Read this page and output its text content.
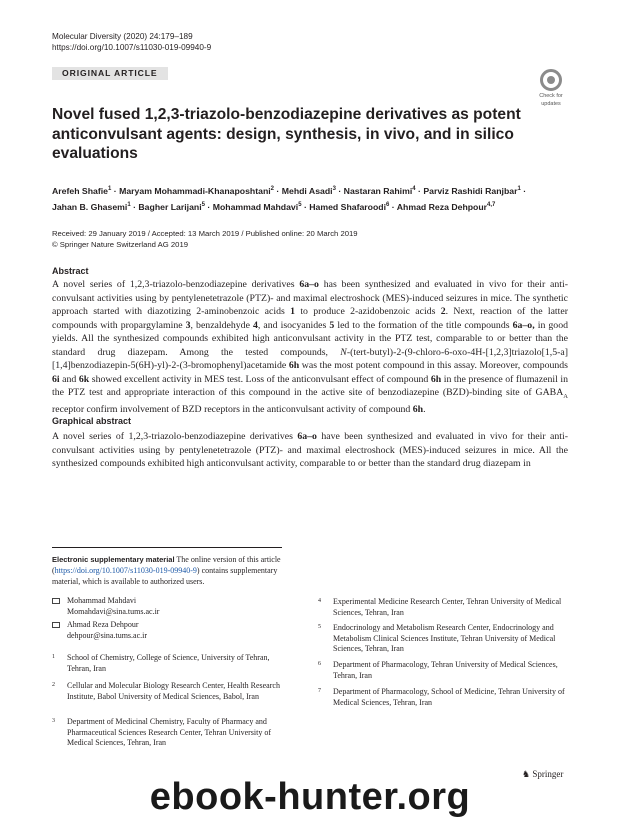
Molecular Diversity (2020) 24:179–189
https://doi.org/10.1007/s11030-019-09940-9
ORIGINAL ARTICLE
Check for
updates
Novel fused 1,2,3-triazolo-benzodiazepine derivatives as potent anticonvulsant agents: design, synthesis, in vivo, and in silico evaluations
Arefeh Shafie$^1$ · Maryam Mohammadi-Khanaposhtani$^2$ · Mehdi Asadi$^3$ · Nastaran Rahimi$^4$ · Parviz Rashidi Ranjbar$^1$ ·
Jahan B. Ghasemi$^1$ · Bagher Larijani$^5$ · Mohammad Mahdavi$^5$ · Hamed Shafaroodi$^6$ · Ahmad Reza Dehpour$^{4,7}$
Received: 29 January 2019 / Accepted: 13 March 2019 / Published online: 20 March 2019
© Springer Nature Switzerland AG 2019
Abstract

A novel series of 1,2,3-triazolo-benzodiazepine derivatives 6a–o has been synthesized and evaluated in vivo for their anti-convulsant activities using by pentylenetetrazole (PTZ)- and maximal electroshock (MES)-induced seizures in mice. The synthetic approach started with diazotizing 2-aminobenzoic acids 1 to produce 2-azidobenzoic acids 2. Next, reaction of the latter compounds with propargylamine 3, benzaldehyde 4, and isocyanides 5 led to the formation of the title compounds 6a–o, in good yields. All the synthesized compounds exhibited high anticonvulsant activity in the PTZ test, comparable to or better than the standard drug diazepam. Among the tested compounds, N-(tert-butyl)-2-(9-chloro-6-oxo-4H-[1,2,3]triazolo[1,5-a][1,4]benzodiazepin-5(6H)-yl)-2-(3-bromophenyl)acetamide 6h was the most potent compound in this assay. Moreover, compounds 6i and 6k showed excellent activity in MES test. Loss of the anticonvulsant effect of compound 6h in the presence of flumazenil in the PTZ test and appropriate interaction of this compound in the active site of benzodiazepine (BZD)-binding site of $GABA_A$ receptor confirm involvement of BZD receptors in the anticonvulsant activity of compound 6h.

Graphical abstract

A novel series of 1,2,3-triazolo-benzodiazepine derivatives 6a–o have been synthesized and evaluated in vivo for their anti-convulsant activities using by pentylenetetrazole (PTZ)- and maximal electroshock (MES)-induced seizures in mice. All the synthesized compounds exhibited high anticonvulsant activity, comparable to or better than the standard drug diazepam in

Electronic supplementary material The online version of this article (https://doi.org/10.1007/s11030-019-09940-9) contains supplementary material, which is available to authorized users.
Mohammad Mahdavi
Momahdavi@sina.tums.ac.ir
Ahmad Reza Dehpour
dehpour@sina.tums.ac.ir
1 School of Chemistry, College of Science, University of Tehran, Tehran, Iran
2 Cellular and Molecular Biology Research Center, Health Research Institute, Babol University of Medical Sciences, Babol, Iran
3 Department of Medicinal Chemistry, Faculty of Pharmacy and Pharmaceutical Sciences Research Center, Tehran University of Medical Sciences, Tehran, Iran
4 Experimental Medicine Research Center, Tehran University of Medical Sciences, Tehran, Iran
5 Endocrinology and Metabolism Research Center, Endocrinology and Metabolism Clinical Sciences Institute, Tehran University of Medical Sciences, Tehran, Iran
6 Department of Pharmacology, Tehran University of Medical Sciences, Tehran, Iran
7 Department of Pharmacology, School of Medicine, Tehran University of Medical Sciences, Tehran, Iran
♞ Springer
ebook-hunter.org
